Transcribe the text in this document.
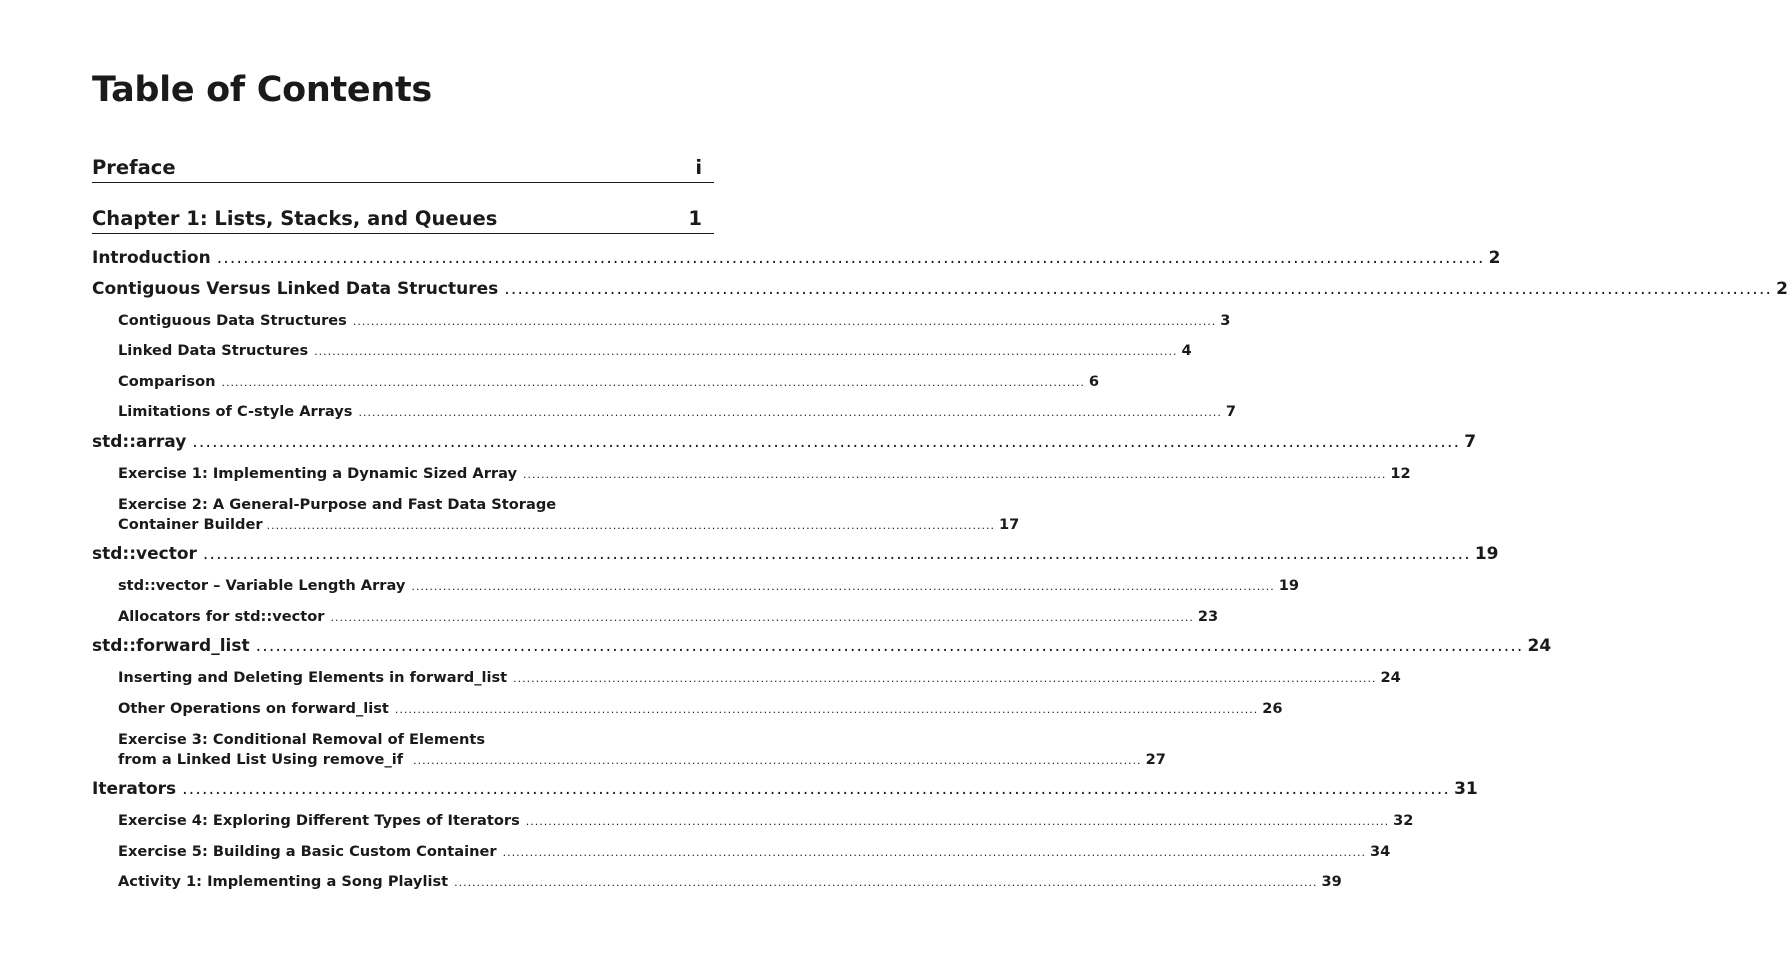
Table of Contents
Preface	i
Chapter 1: Lists, Stacks, and Queues	1
Introduction .....	2
Contiguous Versus Linked Data Structures .....	2
Contiguous Data Structures .....	3
Linked Data Structures .....	4
Comparison .....	6
Limitations of C-style Arrays .....	7
std::array .....	7
Exercise 1: Implementing a Dynamic Sized Array .....	12
Exercise 2: A General-Purpose and Fast Data Storage
Container Builder .................................................................................................................................................................. 17
std::vector .....	19
std::vector – Variable Length Array .....	19
Allocators for std::vector .....	23
std::forward_list .....	24
Inserting and Deleting Elements in forward_list .....	24
Other Operations on forward_list .....	26
Exercise 3: Conditional Removal of Elements
from a Linked List Using remove_if .................................................................................................................................................................. 27
Iterators .....	31
Exercise 4: Exploring Different Types of Iterators .....	32
Exercise 5: Building a Basic Custom Container .....	34
Activity 1: Implementing a Song Playlist .....	39
